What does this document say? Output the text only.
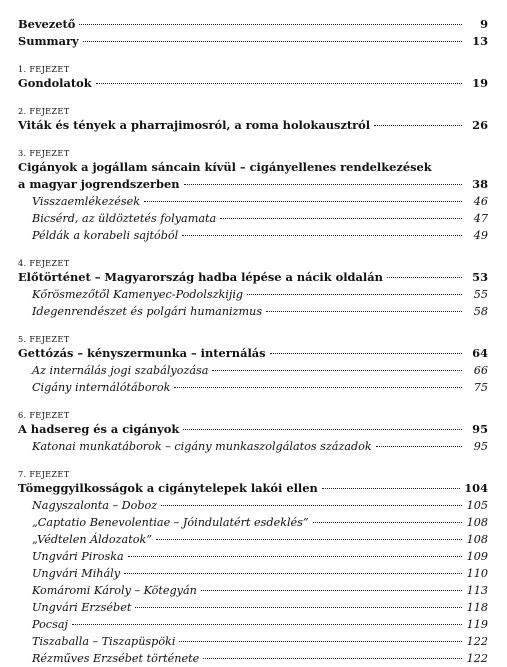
Bevezető	9
Summary	13
1. FEJEZET
Gondolatok	19
2. FEJEZET
Viták és tények a pharrajimosról, a roma holokausztról	26
3. FEJEZET
Cigányok a jogállam sáncain kívül – cigányellenes rendelkezések
a magyar jogrendszerben	38
Visszaemlékezések	46
Bicsérd, az üldöztetés folyamata	47
Példák a korabeli sajtóból	49
4. FEJEZET
Előtörténet – Magyarország hadba lépése a nácik oldalán	53
Kőrösmezőtől Kamenyec-Podolszkijig	55
Idegenrendészet és polgári humanizmus	58
5. FEJEZET
Gettózás – kényszermunka – internálás	64
Az internálás jogi szabályozása	66
Cigány internálótáborok	75
6. FEJEZET
A hadsereg és a cigányok	95
Katonai munkatáborok – cigány munkaszolgálatos századok	95
7. FEJEZET
Tömeggyilkosságok a cigánytelepek lakói ellen	104
Nagyszalonta – Doboz	105
„Captatio Benevolentiae – Jóindulatért esdeklés”	108
„Védtelen Áldozatok”	108
Ungvári Piroska	109
Ungvári Mihály	110
Komáromi Károly – Kötegyán	113
Ungvári Erzsébet	118
Pocsaj	119
Tiszaballa – Tiszapüspöki	122
Rézműves Erzsébet története	122
